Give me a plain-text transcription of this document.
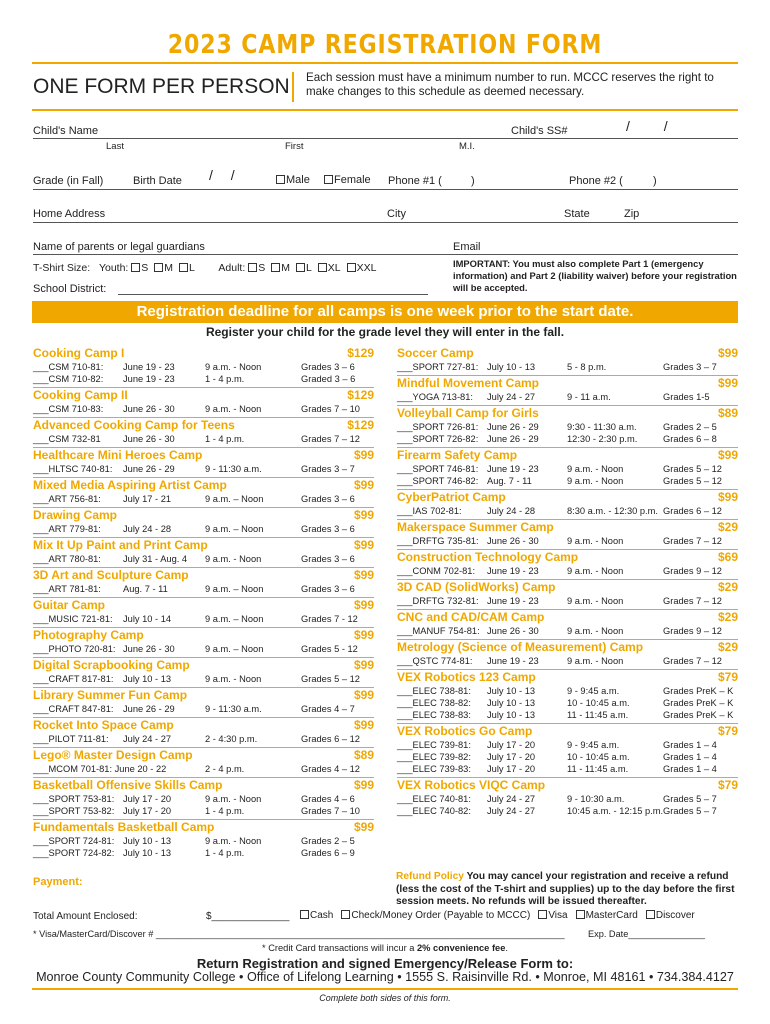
2023 CAMP REGISTRATION FORM
ONE FORM PER PERSON Each session must have a minimum number to run. MCCC reserves the right to make changes to this schedule as deemed necessary.
Child's Name
Last	First	M.I.
Child's SS#	/ /
Grade (in Fall)	Birth Date / /	Male	Female Phone #1 (	)	Phone #2 (	)
Home Address	City	State	Zip
Name of parents or legal guardians	Email
T-Shirt Size: Youth: S M L Adult: S M L XL XXL
School District:
IMPORTANT: You must also complete Part 1 (emergency information) and Part 2 (liability waiver) before your registration will be accepted.
Registration deadline for all camps is one week prior to the start date.
Register your child for the grade level they will enter in the fall.
Cooking Camp I	$129
___CSM 710-81: June 19 - 23	9 a.m. - Noon	Grades 3 – 6
___CSM 710-82: June 19 - 23	1 - 4 p.m.	Graded 3 – 6
Cooking Camp II	$129
___CSM 710-83: June 26 - 30	9 a.m. - Noon	Grades 7 – 10
Advanced Cooking Camp for Teens	$129
___CSM 732-81 June 26 - 30	1 - 4 p.m.	Grades 7 – 12
Healthcare Mini Heroes Camp	$99
___HLTSC 740-81: June 26 - 29	9 - 11:30 a.m.	Grades 3 – 7
Mixed Media Aspiring Artist Camp	$99
___ART 756-81: July 17 - 21	9 a.m. – Noon	Grades 3 – 6
Drawing Camp	$99
___ART 779-81: July 24 - 28	9 a.m. – Noon	Grades 3 – 6
Mix It Up Paint and Print Camp	$99
___ART 780-81: July 31 - Aug. 4 9 a.m. - Noon	Grades 3 – 6
3D Art and Sculpture Camp	$99
___ART 781-81: Aug. 7 - 11	9 a.m. – Noon	Grades 3 – 6
Guitar Camp	$99
___MUSIC 721-81: July 10 - 14	9 a.m. – Noon	Grades 7 - 12
Photography Camp	$99
___PHOTO 720-81: June 26 - 30	9 a.m. – Noon	Grades 5 - 12
Digital Scrapbooking Camp	$99
___CRAFT 817-81: July 10 - 13	9 a.m. - Noon	Grades 5 – 12
Library Summer Fun Camp	$99
___CRAFT 847-81: June 26 - 29	9 - 11:30 a.m.	Grades 4 – 7
Rocket Into Space Camp	$99
___PILOT 711-81: July 24 - 27	2 - 4:30 p.m.	Grades 6 – 12
Lego® Master Design Camp	$89
___MCOM 701-81: June 20 - 22	2 - 4 p.m.	Grades 4 – 12
Basketball Offensive Skills Camp	$99
___SPORT 753-81: July 17 - 20	9 a.m. - Noon	Grades 4 – 6
___SPORT 753-82: July 17 - 20	1 - 4 p.m.	Grades 7 – 10
Fundamentals Basketball Camp	$99
___SPORT 724-81: July 10 - 13	9 a.m. - Noon	Grades 2 – 5
___SPORT 724-82: July 10 - 13	1 - 4 p.m.	Grades 6 – 9
Soccer Camp	$99
___SPORT 727-81: July 10 - 13	5 - 8 p.m.	Grades 3 – 7
Mindful Movement Camp	$99
___YOGA 713-81: July 24 - 27	9 - 11 a.m.	Grades 1-5
Volleyball Camp for Girls	$89
___SPORT 726-81: June 26 - 29	9:30 - 11:30 a.m.	Grades 2 – 5
___SPORT 726-82: June 26 - 29	12:30 - 2:30 p.m.	Grades 6 – 8
Firearm Safety Camp	$99
___SPORT 746-81: June 19 - 23	9 a.m. - Noon	Grades 5 – 12
___SPORT 746-82: Aug. 7 - 11	9 a.m. - Noon	Grades 5 – 12
CyberPatriot Camp	$99
___IAS 702-81:	July 24 - 28	8:30 a.m. - 12:30 p.m. Grades 6 – 12
Makerspace Summer Camp	$29
___DRFTG 735-81: June 26 - 30	9 a.m. - Noon	Grades 7 – 12
Construction Technology Camp	$69
___CONM 702-81: June 19 - 23	9 a.m. - Noon	Grades 9 – 12
3D CAD (SolidWorks) Camp	$29
___DRFTG 732-81: June 19 - 23	9 a.m. - Noon	Grades 7 – 12
CNC and CAD/CAM Camp	$29
___MANUF 754-81: June 26 - 30	9 a.m. - Noon	Grades 9 – 12
Metrology (Science of Measurement) Camp	$29
___QSTC 774-81: June 19 - 23	9 a.m. - Noon	Grades 7 – 12
VEX Robotics 123 Camp	$79
___ELEC 738-81: July 10 - 13	9 - 9:45 a.m.	Grades PreK – K
___ELEC 738-82: July 10 - 13	10 - 10:45 a.m.	Grades PreK – K
___ELEC 738-83: July 10 - 13	11 - 11:45 a.m.	Grades PreK – K
VEX Robotics Go Camp	$79
___ELEC 739-81: July 17 - 20	9 - 9:45 a.m.	Grades 1 – 4
___ELEC 739-82: July 17 - 20	10 - 10:45 a.m.	Grades 1 – 4
___ELEC 739-83: July 17 - 20	11 - 11:45 a.m.	Grades 1 – 4
VEX Robotics VIQC Camp	$79
___ELEC 740-81: July 24 - 27	9 - 10:30 a.m.	Grades 5 – 7
___ELEC 740-82: July 24 - 27	10:45 a.m. - 12:15 p.m. Grades 5 – 7
Payment:	Refund Policy You may cancel your registration and receive a refund (less the cost of the T-shirt and supplies) up to the day before the first session meets. No refunds will be issued thereafter.
Total Amount Enclosed:	$______________	Cash Check/Money Order (Payable to MCCC) Visa MasterCard Discover
* Visa/MasterCard/Discover # ________________________________________________________________________________	Exp. Date_______________
* Credit Card transactions will incur a 2% convenience fee.
Return Registration and signed Emergency/Release Form to:
Monroe County Community College • Office of Lifelong Learning • 1555 S. Raisinville Rd. • Monroe, MI 48161 • 734.384.4127
Complete both sides of this form.
